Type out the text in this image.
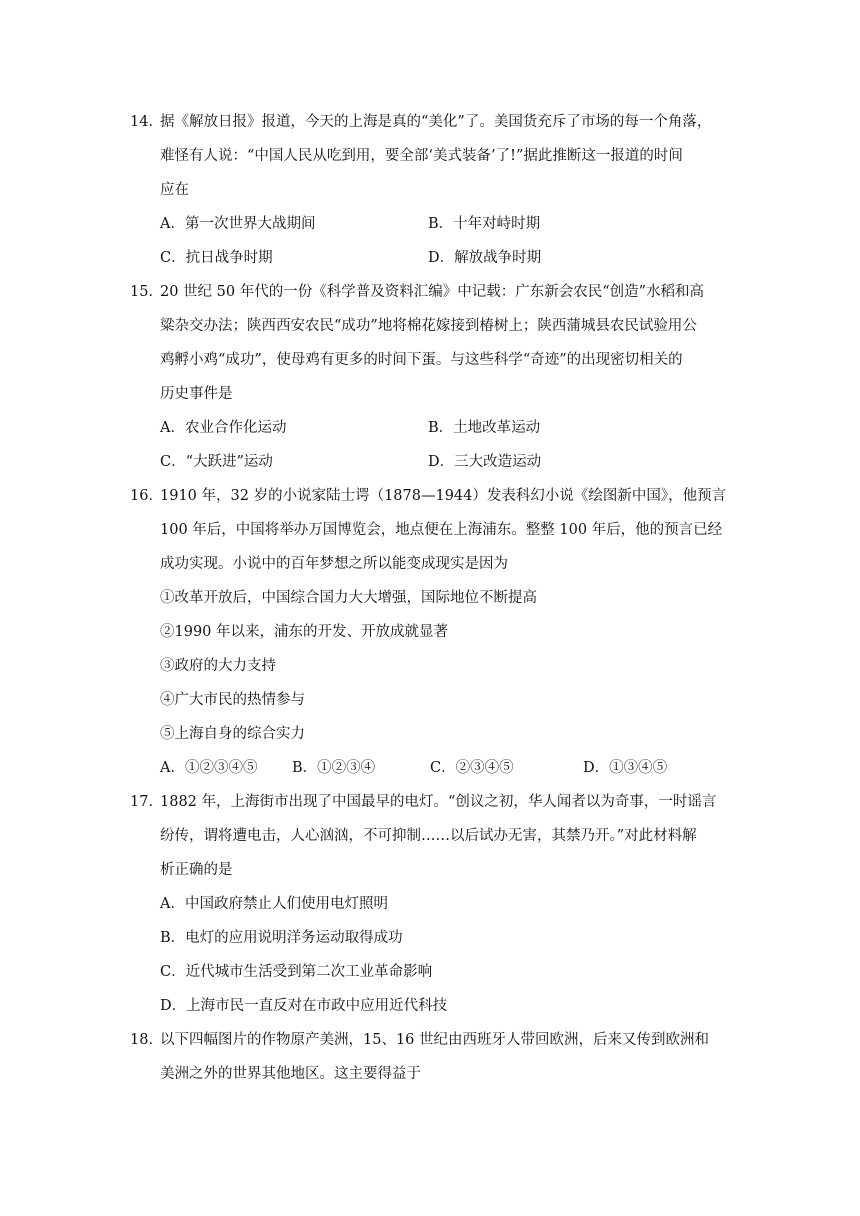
14．
据《解放日报》报道，今天的上海是真的“美化”了。美国货充斥了市场的每一个角落，
难怪有人说：“中国人民从吃到用，要全部‘美式装备’了!”据此推断这一报道的时间
应在
A．第一次世界大战期间	B．十年对峙时期
C．抗日战争时期	D．解放战争时期
15．
20 世纪 50 年代的一份《科学普及资料汇编》中记载：广东新会农民“创造”水稻和高
粱杂交办法；陕西西安农民“成功”地将棉花嫁接到椿树上；陕西蒲城县农民试验用公
鸡孵小鸡“成功”，使母鸡有更多的时间下蛋。与这些科学“奇迹”的出现密切相关的
历史事件是
A．农业合作化运动	B．土地改革运动
C．“大跃进”运动	D．三大改造运动
16．
1910 年，32 岁的小说家陆士谔（1878—1944）发表科幻小说《绘图新中国》，他预言
100 年后，中国将举办万国博览会，地点便在上海浦东。整整 100 年后，他的预言已经
成功实现。小说中的百年梦想之所以能变成现实是因为
①改革开放后，中国综合国力大大增强，国际地位不断提高
②1990 年以来，浦东的开发、开放成就显著
③政府的大力支持
④广大市民的热情参与
⑤上海自身的综合实力
A．①②③④⑤ B．①②③④	C．②③④⑤	D．①③④⑤
17．
1882 年，上海街市出现了中国最早的电灯。“创议之初，华人闻者以为奇事，一时谣言
纷传，谓将遭电击，人心汹汹，不可抑制……以后试办无害，其禁乃开。”对此材料解
析正确的是
A．中国政府禁止人们使用电灯照明
B．电灯的应用说明洋务运动取得成功
C．近代城市生活受到第二次工业革命影响
D．上海市民一直反对在市政中应用近代科技
18．
以下四幅图片的作物原产美洲，15、16 世纪由西班牙人带回欧洲，后来又传到欧洲和
美洲之外的世界其他地区。这主要得益于
